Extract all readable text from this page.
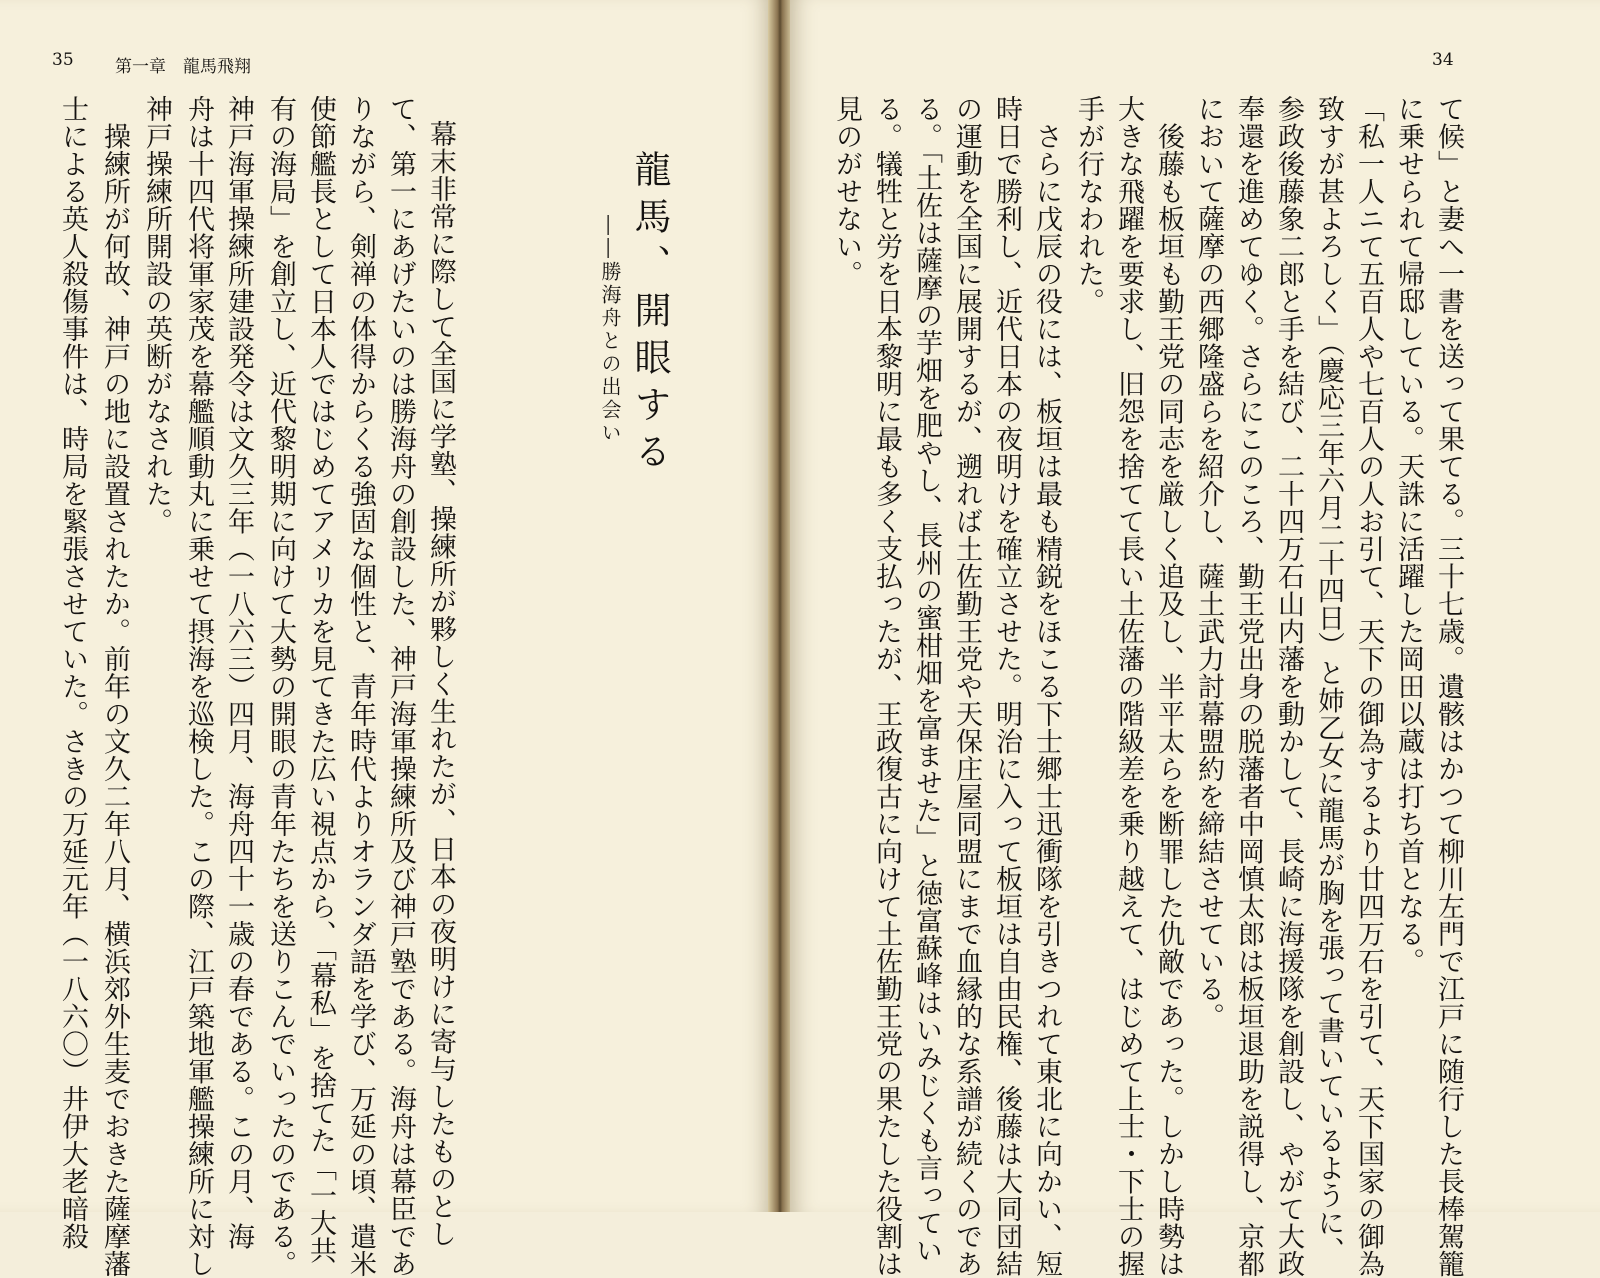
35 第一章　龍馬飛翔
龍馬、開眼する
――勝海舟との出会い
幕末非常に際して全国に学塾、操練所が夥しく生れたが、日本の夜明けに寄与したものとし
て、第一にあげたいのは勝海舟の創設した、神戸海軍操練所及び神戸塾である。海舟は幕臣であ
りながら、剣禅の体得からくる強固な個性と、青年時代よりオランダ語を学び、万延の頃、遣米
使節艦長として日本人ではじめてアメリカを見てきた広い視点から、「幕私」を捨てた「一大共
有の海局」を創立し、近代黎明期に向けて大勢の開眼の青年たちを送りこんでいったのである。
神戸海軍操練所建設発令は文久三年（一八六三）四月、海舟四十一歳の春である。この月、海
舟は十四代将軍家茂を幕艦順動丸に乗せて摂海を巡検した。この際、江戸築地軍艦操練所に対し
神戸操練所開設の英断がなされた。
　操練所が何故、神戸の地に設置されたか。前年の文久二年八月、横浜郊外生麦でおきた薩摩藩
士による英人殺傷事件は、時局を緊張させていた。さきの万延元年（一八六〇）井伊大老暗殺
34
て候」と妻へ一書を送って果てる。三十七歳。遺骸はかつて柳川左門で江戸に随行した長棒駕籠
に乗せられて帰邸している。天誅に活躍した岡田以蔵は打ち首となる。
「私一人ニて五百人や七百人の人お引て、天下の御為するより廿四万石を引て、天下国家の御為
致すが甚よろしく」（慶応三年六月二十四日）と姉乙女に龍馬が胸を張って書いているように、
参政後藤象二郎と手を結び、二十四万石山内藩を動かして、長崎に海援隊を創設し、やがて大政
奉還を進めてゆく。さらにこのころ、勤王党出身の脱藩者中岡慎太郎は板垣退助を説得し、京都
において薩摩の西郷隆盛らを紹介し、薩土武力討幕盟約を締結させている。
　後藤も板垣も勤王党の同志を厳しく追及し、半平太らを断罪した仇敵であった。しかし時勢は
大きな飛躍を要求し、旧怨を捨てて長い土佐藩の階級差を乗り越えて、はじめて上士・下士の握
手が行なわれた。
　さらに戊辰の役には、板垣は最も精鋭をほこる下士郷士迅衝隊を引きつれて東北に向かい、短
時日で勝利し、近代日本の夜明けを確立させた。明治に入って板垣は自由民権、後藤は大同団結
の運動を全国に展開するが、遡れば土佐勤王党や天保庄屋同盟にまで血縁的な系譜が続くのであ
る。「土佐は薩摩の芋畑を肥やし、長州の蜜柑畑を富ませた」と徳富蘇峰はいみじくも言ってい
る。犠牲と労を日本黎明に最も多く支払ったが、王政復古に向けて土佐勤王党の果たした役割は
見のがせない。
